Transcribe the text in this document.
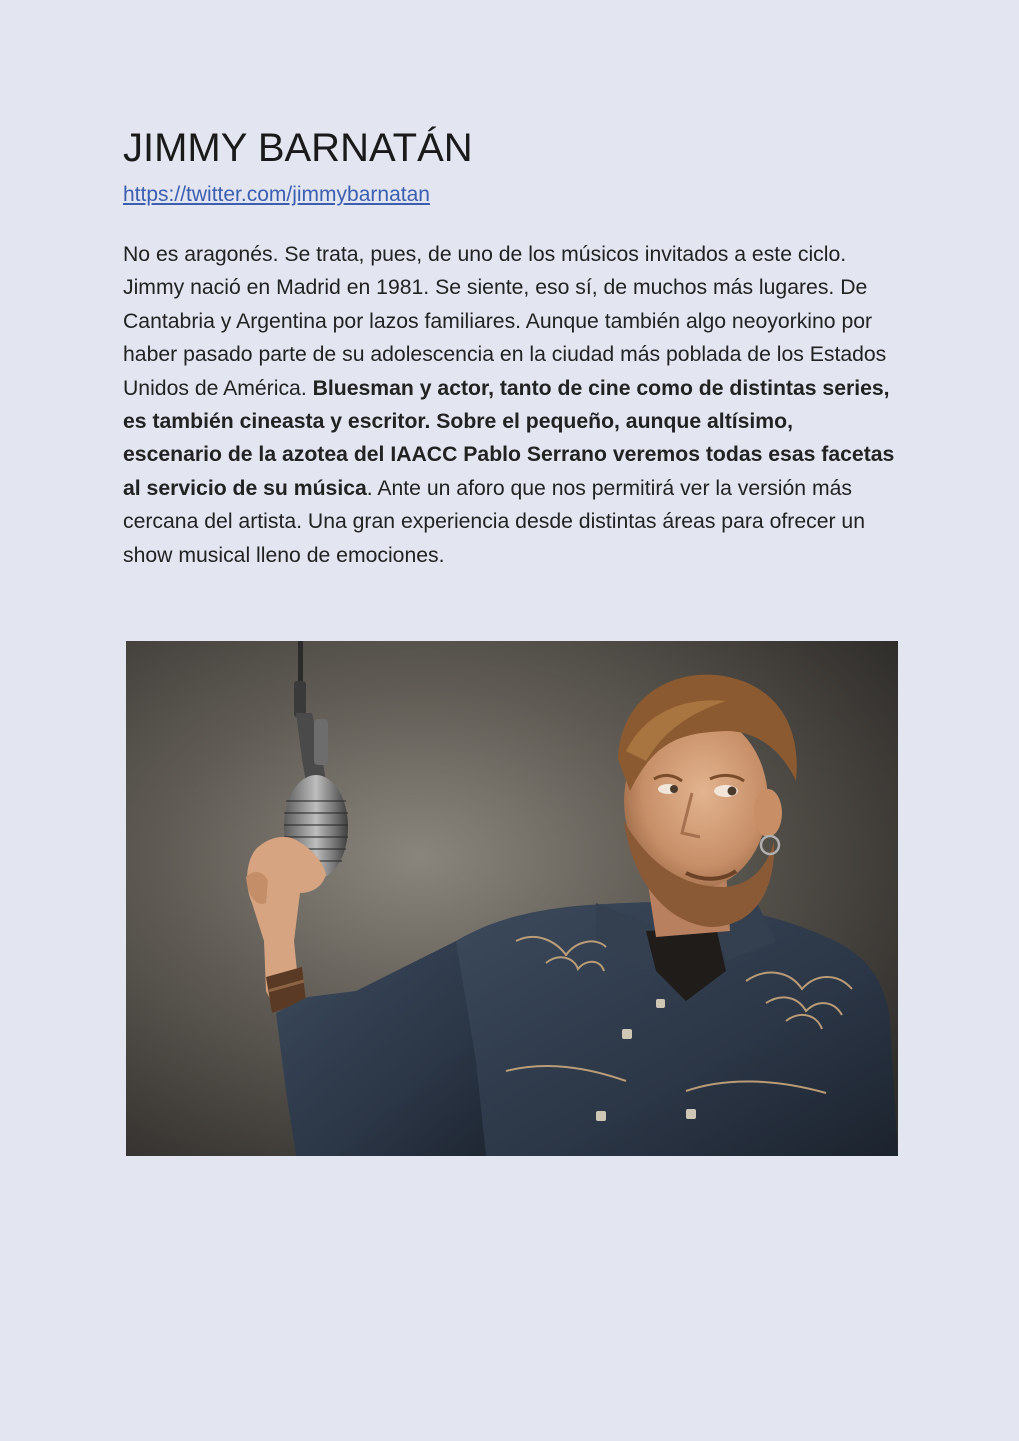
JIMMY BARNATÁN
https://twitter.com/jimmybarnatan

No es aragonés. Se trata, pues, de uno de los músicos invitados a este ciclo. Jimmy nació en Madrid en 1981. Se siente, eso sí, de muchos más lugares. De Cantabria y Argentina por lazos familiares. Aunque también algo neoyorkino por haber pasado parte de su adolescencia en la ciudad más poblada de los Estados Unidos de América. Bluesman y actor, tanto de cine como de distintas series, es también cineasta y escritor. Sobre el pequeño, aunque altísimo, escenario de la azotea del IAACC Pablo Serrano veremos todas esas facetas al servicio de su música. Ante un aforo que nos permitirá ver la versión más cercana del artista. Una gran experiencia desde distintas áreas para ofrecer un show musical lleno de emociones.
